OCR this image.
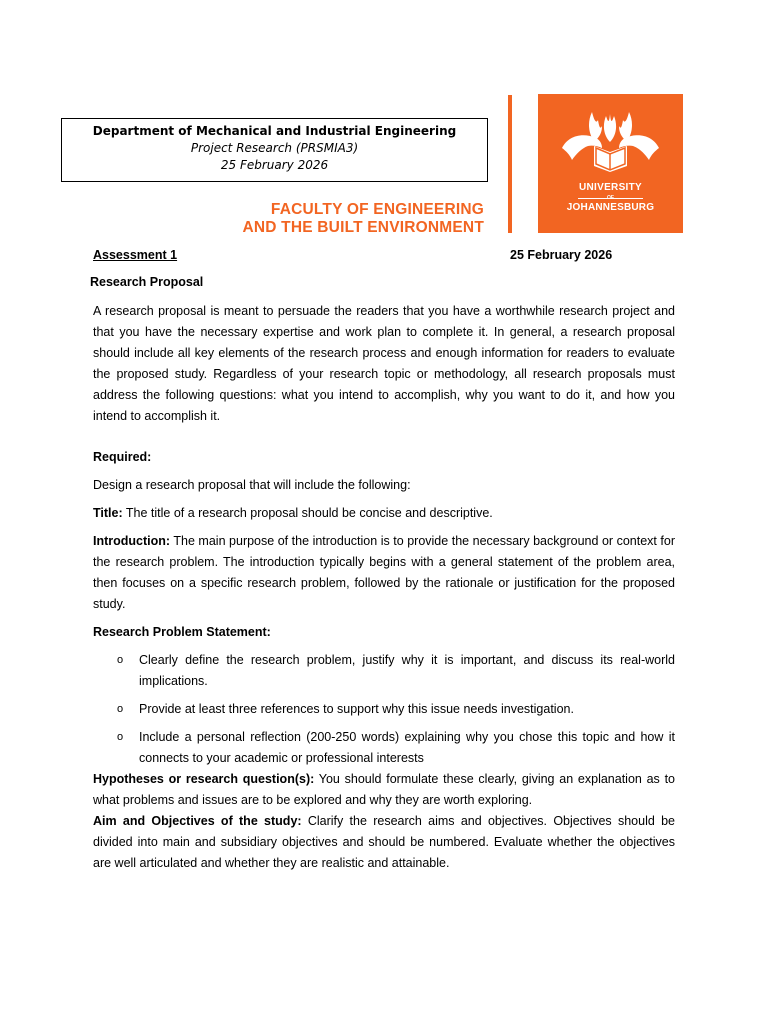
Department of Mechanical and Industrial Engineering
Project Research (PRSMIA3)
25 February 2026
FACULTY OF ENGINEERING
AND THE BUILT ENVIRONMENT
UNIVERSITY
OF
JOHANNESBURG
Assessment 1	25 February 2026
Research Proposal
A research proposal is meant to persuade the readers that you have a worthwhile research project and that you have the necessary expertise and work plan to complete it. In general, a research proposal should include all key elements of the research process and enough information for readers to evaluate the proposed study. Regardless of your research topic or methodology, all research proposals must address the following questions: what you intend to accomplish, why you want to do it, and how you intend to accomplish it.
Required:
Design a research proposal that will include the following:
Title: The title of a research proposal should be concise and descriptive.
Introduction: The main purpose of the introduction is to provide the necessary background or context for the research problem. The introduction typically begins with a general statement of the problem area, then focuses on a specific research problem, followed by the rationale or justification for the proposed study.
Research Problem Statement:
o Clearly define the research problem, justify why it is important, and discuss its real-world implications.
o Provide at least three references to support why this issue needs investigation.
o Include a personal reflection (200-250 words) explaining why you chose this topic and how it connects to your academic or professional interests
Hypotheses or research question(s): You should formulate these clearly, giving an explanation as to what problems and issues are to be explored and why they are worth exploring.
Aim and Objectives of the study: Clarify the research aims and objectives. Objectives should be divided into main and subsidiary objectives and should be numbered. Evaluate whether the objectives are well articulated and whether they are realistic and attainable.
